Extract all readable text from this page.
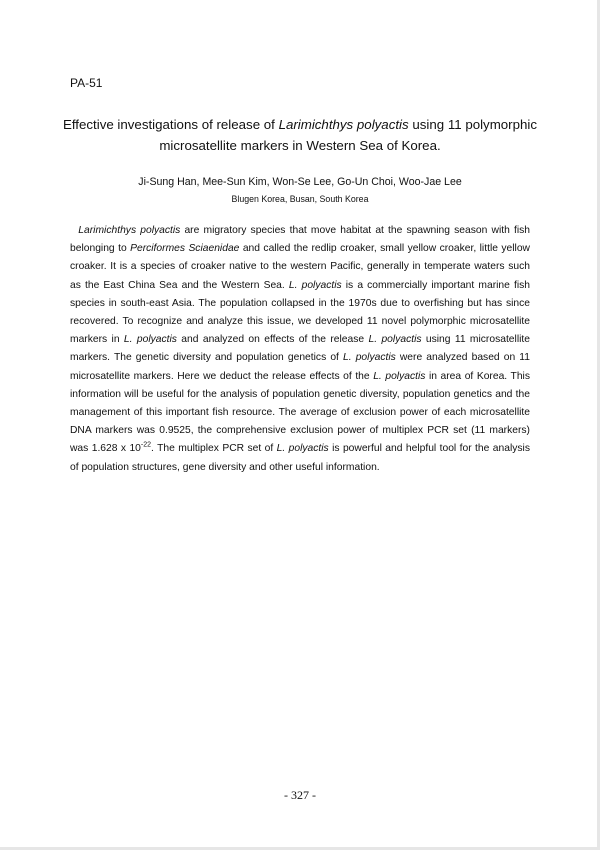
PA-51
Effective investigations of release of Larimichthys polyactis using 11 polymorphic microsatellite markers in Western Sea of Korea.
Ji-Sung Han, Mee-Sun Kim, Won-Se Lee, Go-Un Choi, Woo-Jae Lee
Blugen Korea, Busan, South Korea

Larimichthys polyactis are migratory species that move habitat at the spawning season with fish belonging to Perciformes Sciaenidae and called the redlip croaker, small yellow croaker, little yellow croaker. It is a species of croaker native to the western Pacific, generally in temperate waters such as the East China Sea and the Western Sea. L. polyactis is a commercially important marine fish species in south-east Asia. The population collapsed in the 1970s due to overfishing but has since recovered. To recognize and analyze this issue, we developed 11 novel polymorphic microsatellite markers in L. polyactis and analyzed on effects of the release L. polyactis using 11 microsatellite markers. The genetic diversity and population genetics of L. polyactis were analyzed based on 11 microsatellite markers. Here we deduct the release effects of the L. polyactis in area of Korea. This information will be useful for the analysis of population genetic diversity, population genetics and the management of this important fish resource. The average of exclusion power of each microsatellite DNA markers was 0.9525, the comprehensive exclusion power of multiplex PCR set (11 markers) was 1.628 x $10^{-22}$. The multiplex PCR set of L. polyactis is powerful and helpful tool for the analysis of population structures, gene diversity and other useful information.

- 327 -
